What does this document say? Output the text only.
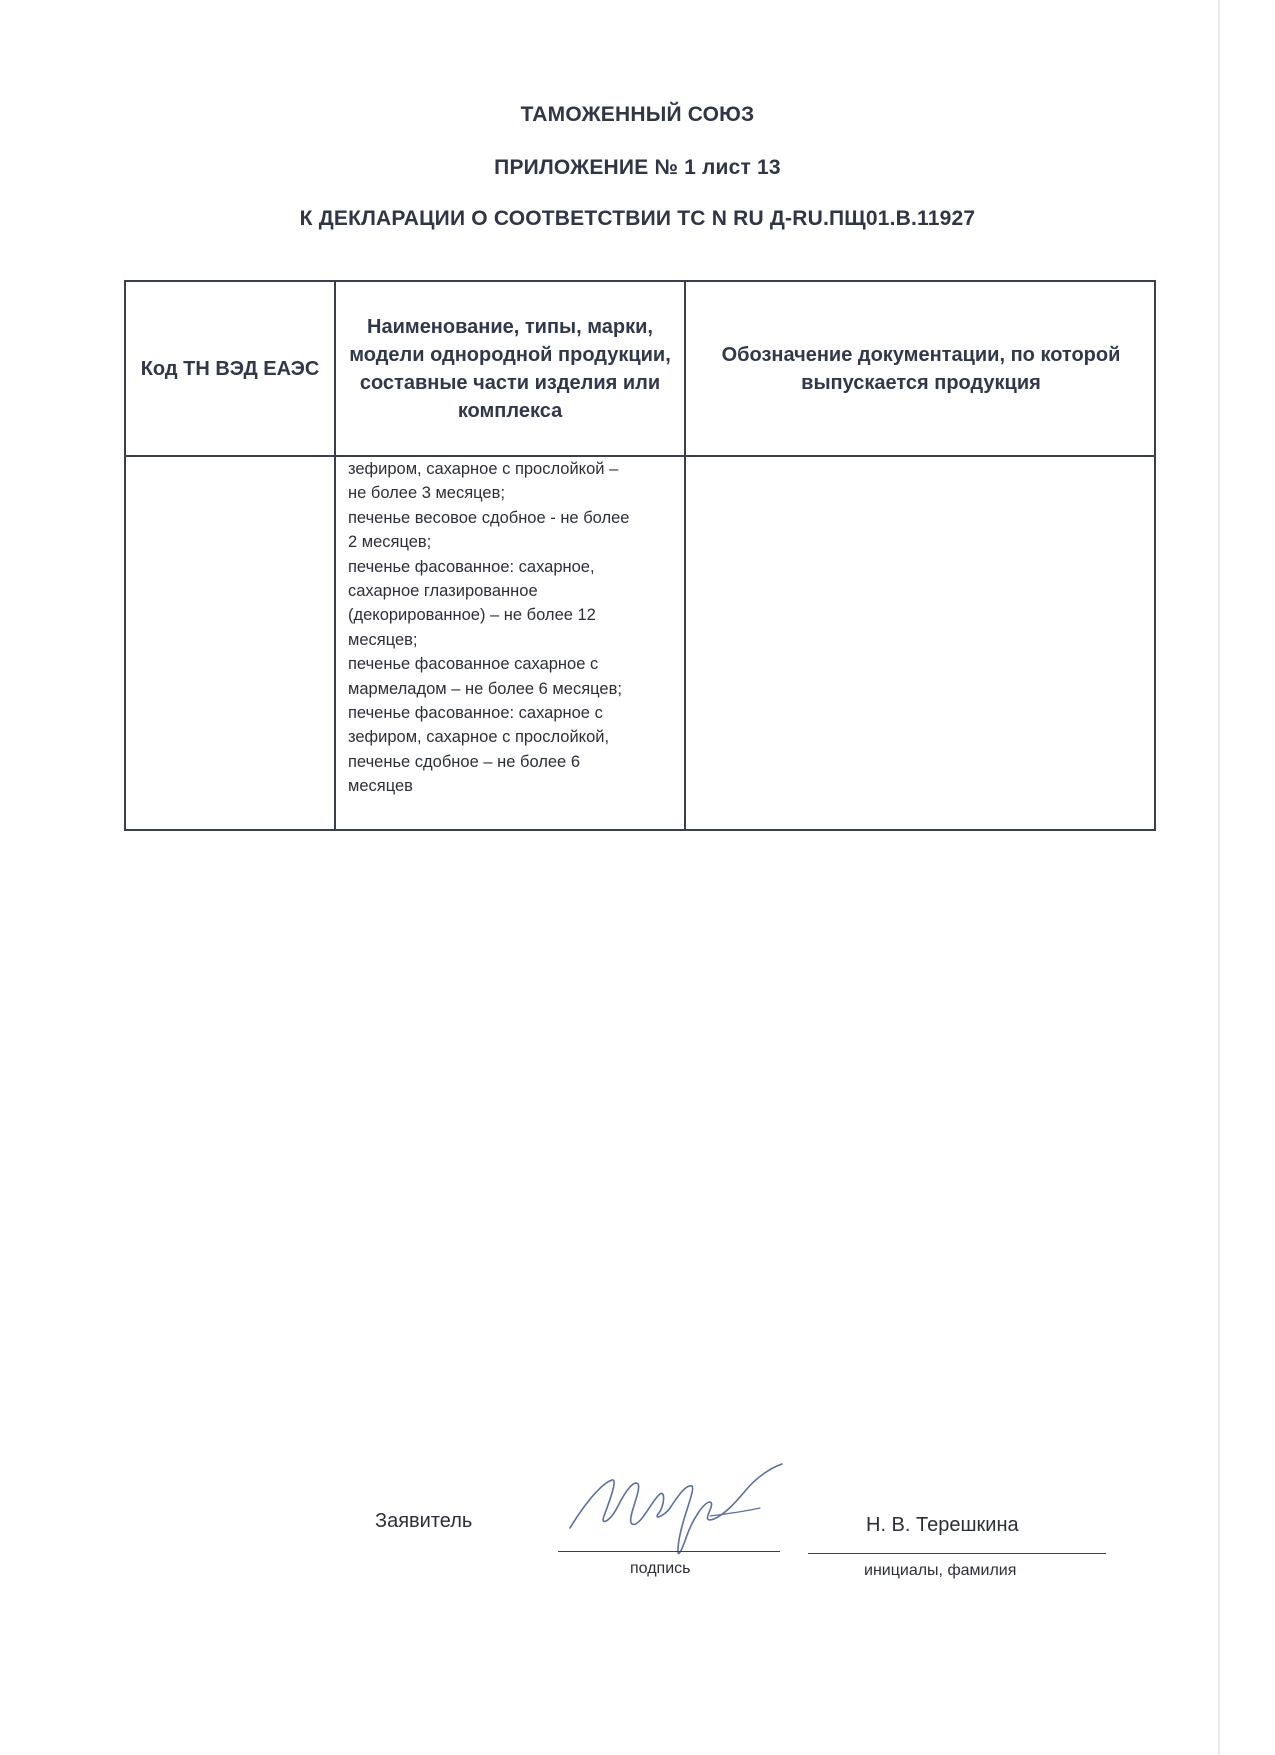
ТАМОЖЕННЫЙ СОЮЗ
ПРИЛОЖЕНИЕ № 1 лист 13
К ДЕКЛАРАЦИИ О СООТВЕТСТВИИ ТС N RU Д-RU.ПЩ01.В.11927
Код ТН ВЭД ЕАЭС
Наименование, типы, марки, модели однородной продукции, составные части изделия или комплекса
Обозначение документации, по которой выпускается продукция
зефиром, сахарное с прослойкой –
не более 3 месяцев;
печенье весовое сдобное - не более
2 месяцев;
печенье фасованное: сахарное,
сахарное глазированное
(декорированное) – не более 12
месяцев;
печенье фасованное сахарное с
мармеладом – не более 6 месяцев;
печенье фасованное: сахарное с
зефиром, сахарное с прослойкой,
печенье сдобное – не более 6
месяцев
Заявитель	Н. В. Терешкина
подпись	инициалы, фамилия
